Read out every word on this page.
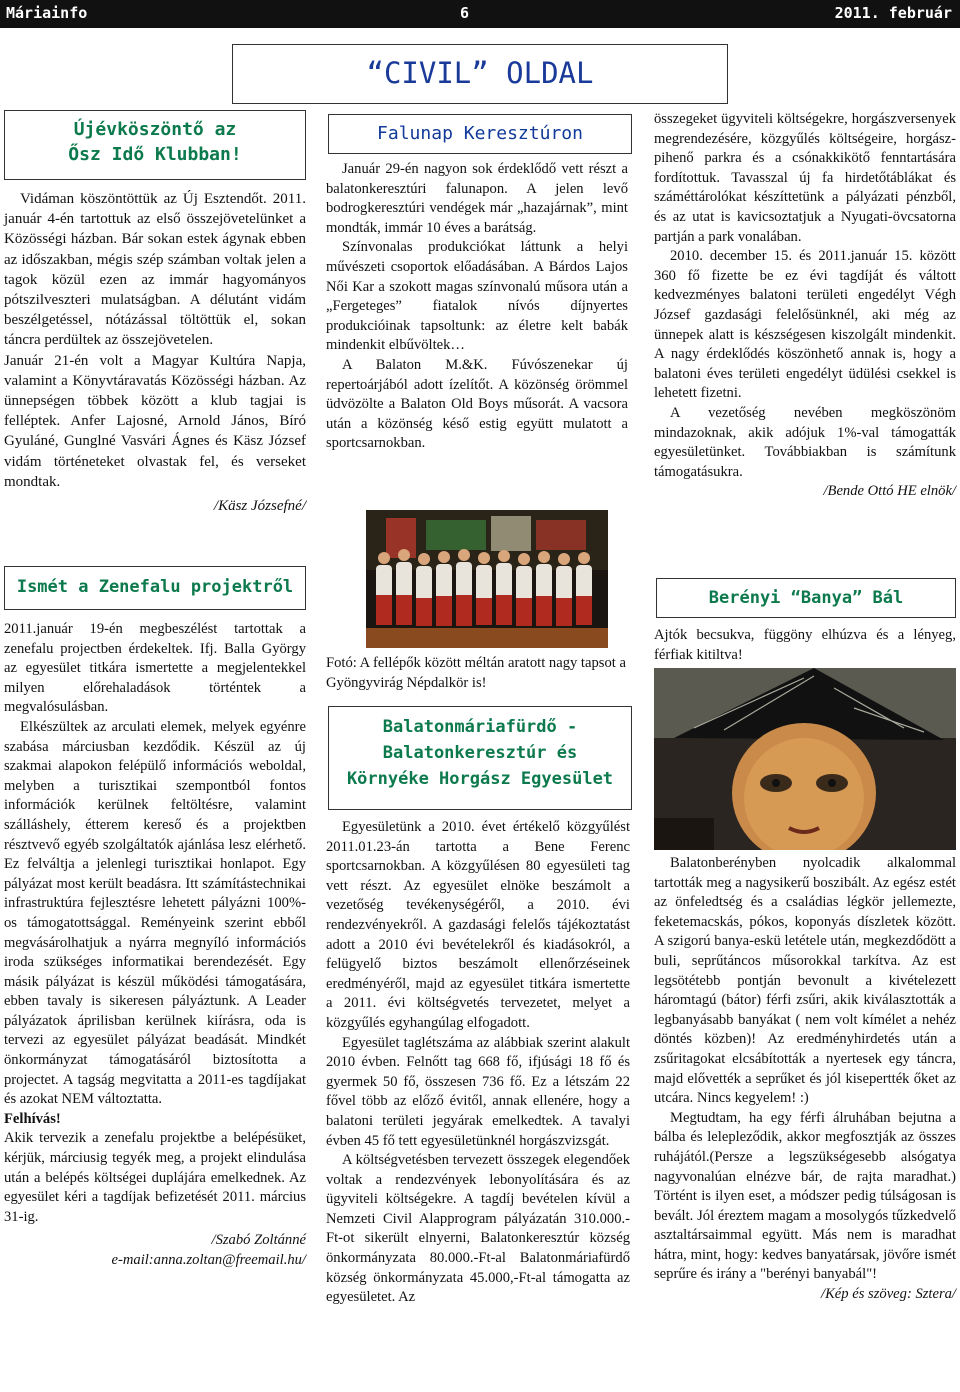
Máriainfo	6	2011. február
“CIVIL” OLDAL
Újévköszöntő az
Ősz Idő Klubban!

Vidáman köszöntöttük az Új Esztendőt. 2011. január 4-én tartottuk az első összejövetelünket a Közösségi házban. Bár sokan estek ágynak ebben az időszakban, mégis szép számban voltak jelen a tagok közül ezen az immár hagyományos pótszilveszteri mulatságban. A délutánt vidám beszélgetéssel, nótázással töltöttük el, sokan táncra perdültek az összejövetelen.

Január 21-én volt a Magyar Kultúra Napja, valamint a Könyvtáravatás Közösségi házban. Az ünnepségen többek között a klub tagjai is felléptek. Anfer Lajosné, Arnold János, Bíró Gyuláné, Gunglné Vasvári Ágnes és Käsz József vidám történeteket olvastak fel, és verseket mondtak.

/Käsz Józsefné/

Ismét a Zenefalu projektről

2011.január 19-én megbeszélést tartottak a zenefalu projectben érdekeltek. Ifj. Balla György az egyesület titkára ismertette a megjelentekkel milyen előrehaladások történtek a megvalósulásban.

Elkészültek az arculati elemek, melyek egyénre szabása márciusban kezdődik. Készül az új szakmai alapokon felépülő információs weboldal, melyben a turisztikai szempontból fontos információk kerülnek feltöltésre, valamint szálláshely, étterem kereső és a projektben résztvevő egyéb szolgáltatók ajánlása lesz elérhető. Ez felváltja a jelenlegi turisztikai honlapot. Egy pályázat most került beadásra. Itt számítástechnikai infrastruktúra fejlesztésre lehetett pályázni 100%-os támogatottsággal. Reményeink szerint ebből megvásárolhatjuk a nyárra megnyíló információs iroda szükséges informatikai berendezését. Egy másik pályázat is készül működési támogatására, ebben tavaly is sikeresen pályáztunk. A Leader pályázatok áprilisban kerülnek kiírásra, oda is tervezi az egyesület pályázat beadását. Mindkét önkormányzat támogatásáról biztosította a projectet. A tagság megvitatta a 2011-es tagdíjakat és azokat NEM változtatta.

Felhívás!

Akik tervezik a zenefalu projektbe a belépésüket, kérjük, márciusig tegyék meg, a projekt elindulása után a belépés költségei duplájára emelkednek. Az egyesület kéri a tagdíjak befizetését 2011. március 31-ig.

/Szabó Zoltánné

e-mail:anna.zoltan@freemail.hu/

Falunap Keresztúron

Január 29-én nagyon sok érdeklődő vett részt a balatonkeresztúri falunapon. A jelen levő bodrogkeresztúri vendégek már „hazajárnak”, mint mondták, immár 10 éves a barátság.

Színvonalas produkciókat láttunk a helyi művészeti csoportok előadásában. A Bárdos Lajos Női Kar a szokott magas színvonalú műsora után a „Fergeteges” fiatalok nívós díjnyertes produkcióinak tapsoltunk: az életre kelt babák mindenkit elbűvöltek…

A Balaton M.&K. Fúvószenekar új repertoárjából adott ízelítőt. A közönség örömmel üdvözölte a Balaton Old Boys műsorát. A vacsora után a közönség késő estig együtt mulatott a sportcsarnokban.

Fotó: A fellépők között méltán aratott nagy tapsot a Gyöngyvirág Népdalkör is!
Balatonmáriafürdő -
Balatonkeresztúr és
Környéke Horgász Egyesület

Egyesületünk a 2010. évet értékelő közgyűlést 2011.01.23-án tartotta a Bene Ferenc sportcsarnokban. A közgyűlésen 80 egyesületi tag vett részt. Az egyesület elnöke beszámolt a vezetőség tevékenységéről, a 2010. évi rendezvényekről. A gazdasági felelős tájékoztatást adott a 2010 évi bevételekről és kiadásokról, a felügyelő biztos beszámolt ellenőrzéseinek eredményéről, majd az egyesület titkára ismertette a 2011. évi költségvetés tervezetet, melyet a közgyűlés egyhangúlag elfogadott.

Egyesület taglétszáma az alábbiak szerint alakult 2010 évben. Felnőtt tag 668 fő, ifjúsági 18 fő és gyermek 50 fő, összesen 736 fő. Ez a létszám 22 fővel több az előző évitől, annak ellenére, hogy a balatoni területi jegyárak emelkedtek. A tavalyi évben 45 fő tett egyesületünknél horgászvizsgát.

A költségvetésben tervezett összegek elegendőek voltak a rendezvények lebonyolítására és az ügyviteli költségekre. A tagdíj bevételen kívül a Nemzeti Civil Alapprogram pályázatán 310.000.-Ft-ot sikerült elnyerni, Balatonkeresztúr község önkormányzata 80.000.-Ft-al Balatonmáriafürdő község önkormányzata 45.000,-Ft-al támogatta az egyesületet. Az

összegeket ügyviteli költségekre, horgászversenyek megrendezésére, közgyűlés költségeire, horgász-pihenő parkra és a csónakkikötő fenntartására fordítottuk. Tavasszal új fa hirdetőtáblákat és száméttárolókat készíttetünk a pályázati pénzből, és az utat is kavicsoztatjuk a Nyugati-övcsatorna partján a park vonalában.

2010. december 15. és 2011.január 15. között 360 fő fizette be ez évi tagdíját és váltott kedvezményes balatoni területi engedélyt Végh József gazdasági felelősünknél, aki még az ünnepek alatt is készségesen kiszolgált mindenkit. A nagy érdeklődés köszönhető annak is, hogy a balatoni éves területi engedélyt üdülési csekkel is lehetett fizetni.

A vezetőség nevében megköszönöm mindazoknak, akik adójuk 1%-val támogatták egyesületünket. Továbbiakban is számítunk támogatásukra.

/Bende Ottó HE elnök/

Berényi “Banya” Bál
Ajtók becsukva, függöny elhúzva és a lényeg, férfiak kitiltva!

Balatonberényben nyolcadik alkalommal tartották meg a nagysikerű boszibált. Az egész estét az önfeledtség és a családias légkör jellemezte, feketemacskás, pókos, koponyás díszletek között. A szigorú banya-eskü letétele után, megkezdődött a buli, seprűtáncos műsorokkal tarkítva. Az est legsötétebb pontján bevonult a kivételezett háromtagú (bátor) férfi zsűri, akik kiválasztották a legbanyásabb banyákat ( nem volt kímélet a nehéz döntés közben)! Az eredményhirdetés után a zsűritagokat elcsábították a nyertesek egy táncra, majd elővették a seprűket és jól kisepertték őket az utcára. Nincs kegyelem! :)

Megtudtam, ha egy férfi álruhában bejutna a bálba és lelepleződik, akkor megfosztják az összes ruhájától.(Persze a legszükségesebb alsógatya nagyvonalúan elnézve bár, de rajta maradhat.) Történt is ilyen eset, a módszer pedig túlságosan is bevált. Jól éreztem magam a mosolygós tűzkedvelő asztaltársaimmal együtt. Más nem is maradhat hátra, mint, hogy: kedves banyatársak, jövőre ismét seprűre és irány a "berényi banyabál"!

/Kép és szöveg: Sztera/
